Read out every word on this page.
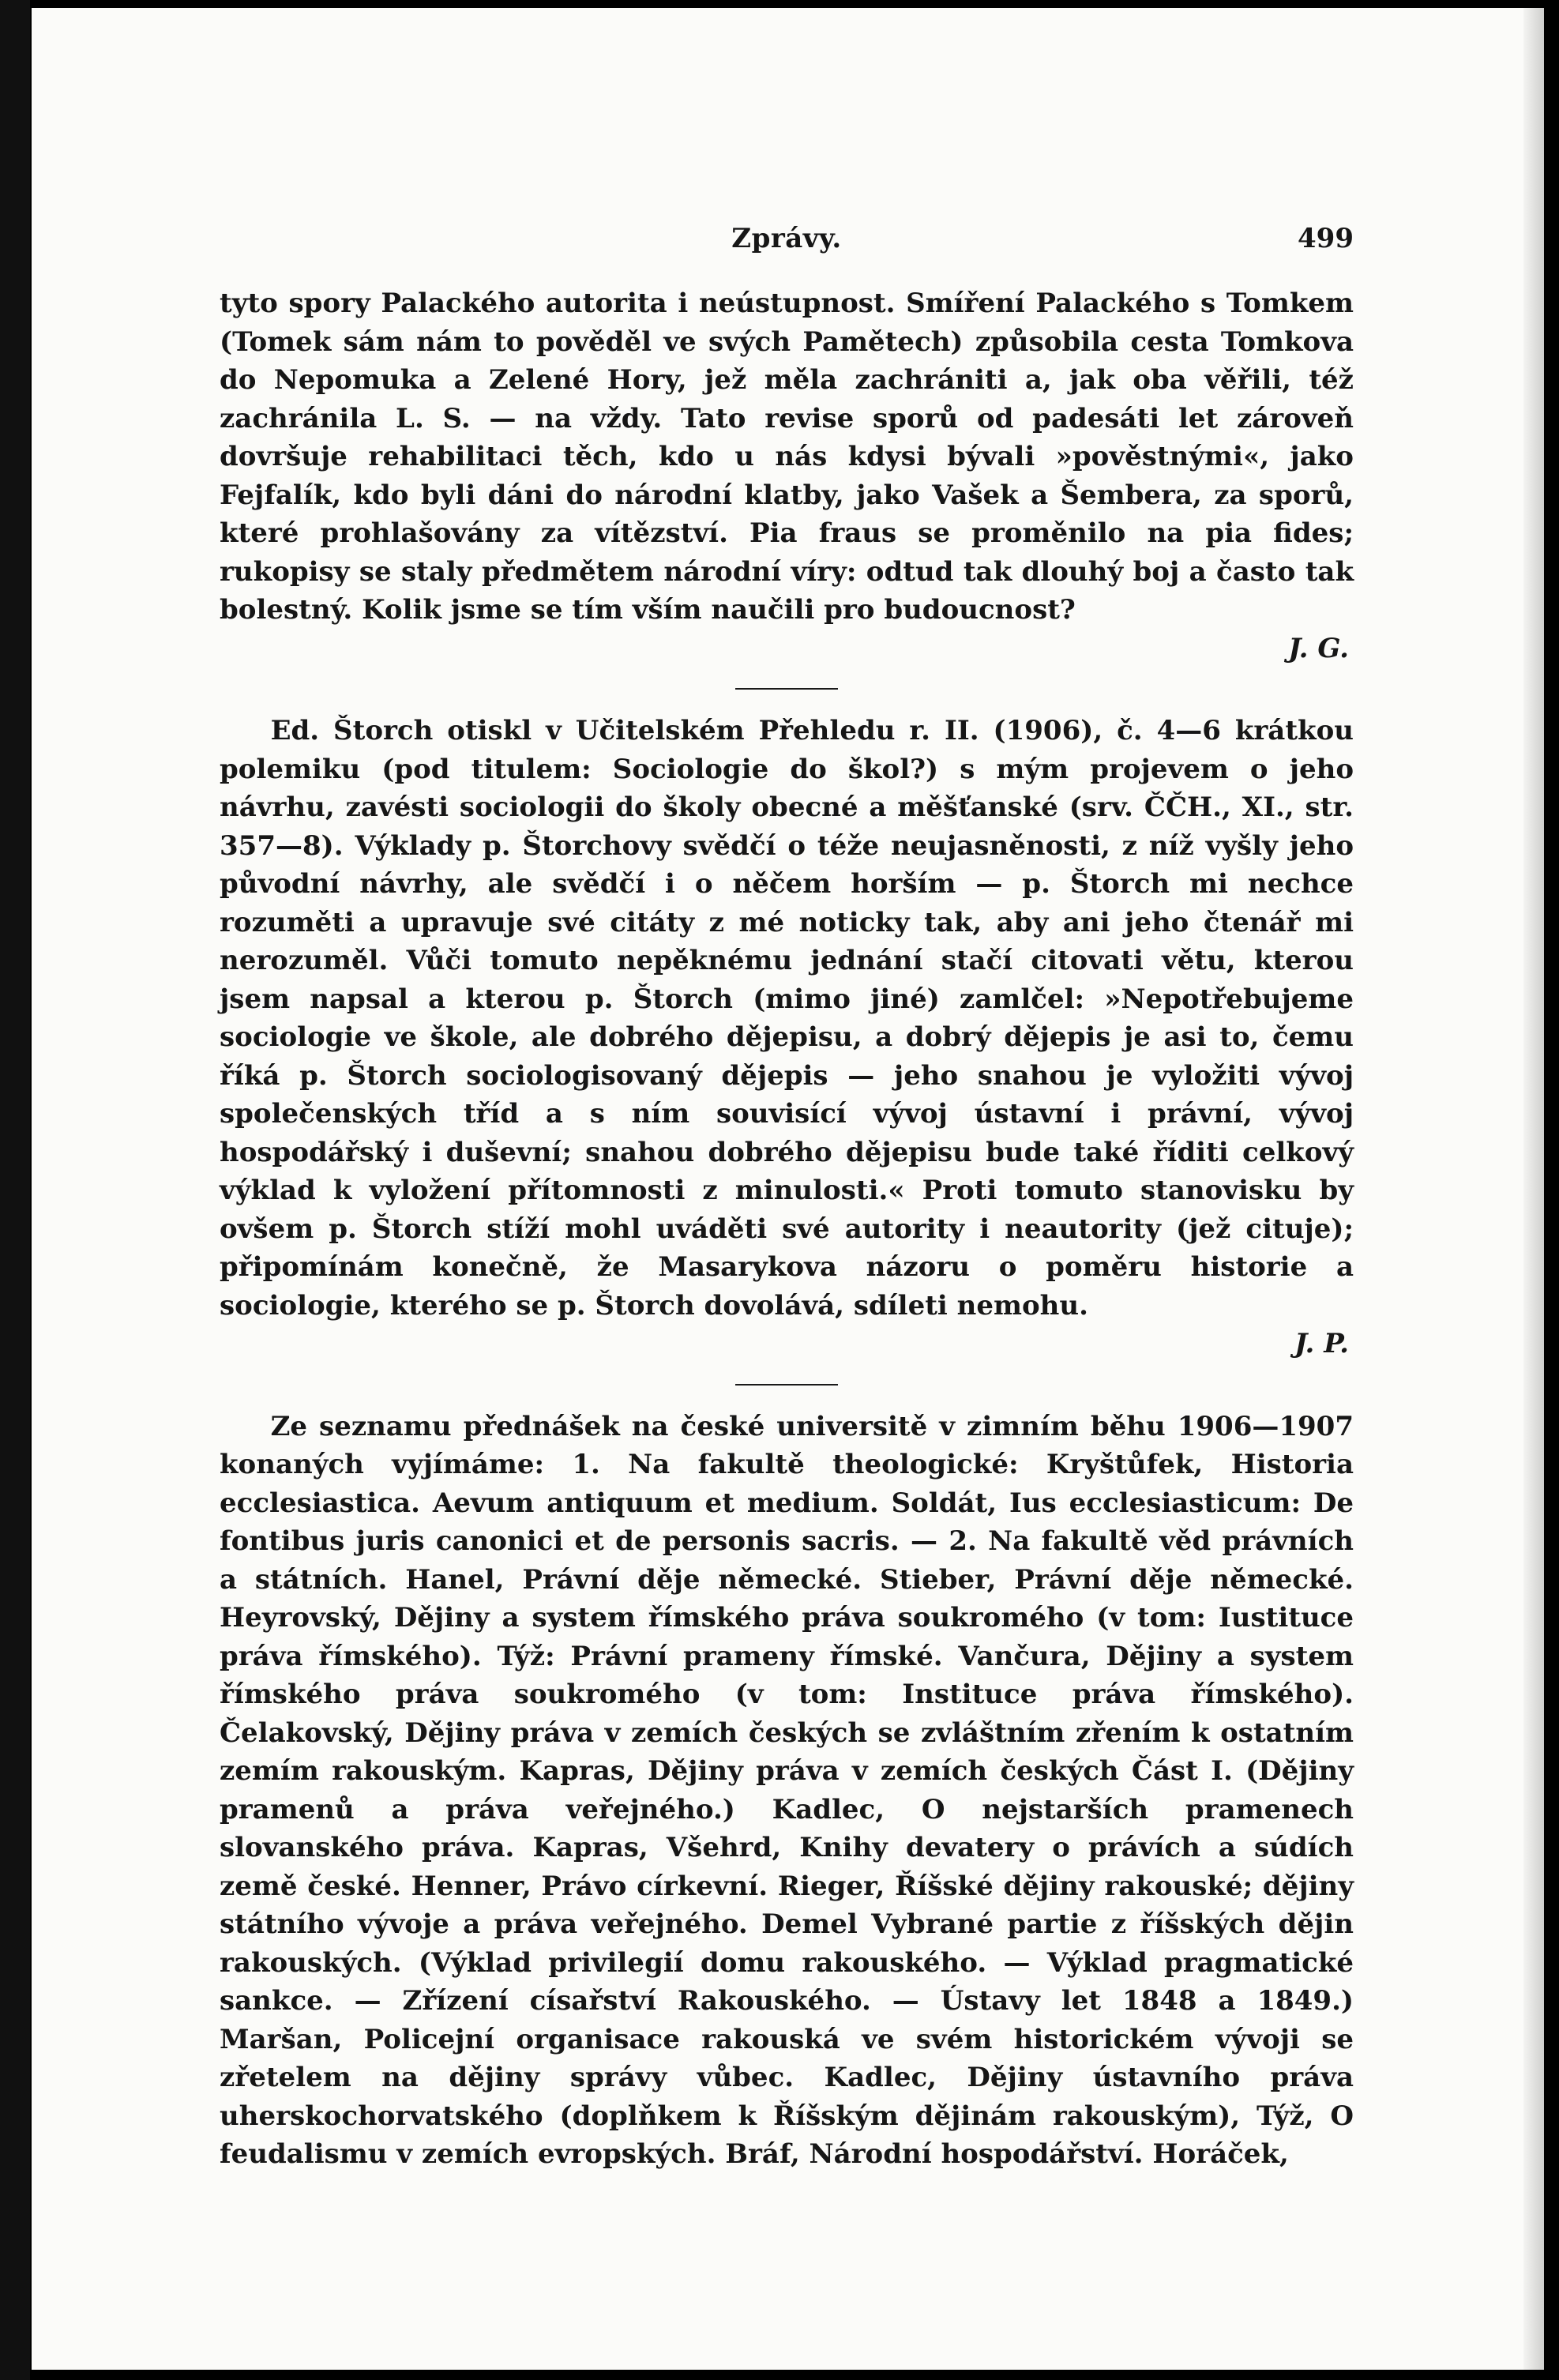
Zprávy.	499

tyto spory Palackého autorita i neústupnost. Smíření Palackého s Tomkem (Tomek sám nám to pověděl ve svých Pamětech) způsobila cesta Tomkova do Nepomuka a Zelené Hory, jež měla zachrániti a, jak oba věřili, též zachránila L. S. — na vždy. Tato revise sporů od padesáti let zároveň dovršuje rehabilitaci těch, kdo u nás kdysi bývali »pověstnými«, jako Fejfalík, kdo byli dáni do národní klatby, jako Vašek a Šembera, za sporů, které prohlašovány za vítězství. Pia fraus se proměnilo na pia fides; rukopisy se staly předmětem národní víry: odtud tak dlouhý boj a často tak bolestný. Kolik jsme se tím vším naučili pro budoucnost?

J. G.

Ed. Štorch otiskl v Učitelském Přehledu r. II. (1906), č. 4—6 krátkou polemiku (pod titulem: Sociologie do škol?) s mým projevem o jeho návrhu, zavésti sociologii do školy obecné a měšťanské (srv. ČČH., XI., str. 357—8). Výklady p. Štorchovy svědčí o téže neujasněnosti, z níž vyšly jeho původní návrhy, ale svědčí i o něčem horším — p. Štorch mi nechce rozuměti a upravuje své citáty z mé noticky tak, aby ani jeho čtenář mi nerozuměl. Vůči tomuto nepěknému jednání stačí citovati větu, kterou jsem napsal a kterou p. Štorch (mimo jiné) zamlčel: »Nepotřebujeme sociologie ve škole, ale dobrého dějepisu, a dobrý dějepis je asi to, čemu říká p. Štorch sociologisovaný dějepis — jeho snahou je vyložiti vývoj společenských tříd a s ním souvisící vývoj ústavní i právní, vývoj hospodářský i duševní; snahou dobrého dějepisu bude také říditi celkový výklad k vyložení přítomnosti z minulosti.« Proti tomuto stanovisku by ovšem p. Štorch stíží mohl uváděti své autority i neautority (jež cituje); připomínám konečně, že Masarykova názoru o poměru historie a sociologie, kterého se p. Štorch dovolává, sdíleti nemohu.

J. P.

Ze seznamu přednášek na české universitě v zimním běhu 1906—1907 konaných vyjímáme: 1. Na fakultě theologické: Kryštůfek, Historia ecclesiastica. Aevum antiquum et medium. Soldát, Ius ecclesiasticum: De fontibus juris canonici et de personis sacris. — 2. Na fakultě věd právních a státních. Hanel, Právní děje německé. Stieber, Právní děje německé. Heyrovský, Dějiny a system římského práva soukromého (v tom: Iustituce práva římského). Týž: Právní prameny římské. Vančura, Dějiny a system římského práva soukromého (v tom: Instituce práva římského). Čelakovský, Dějiny práva v zemích českých se zvláštním zřením k ostatním zemím rakouským. Kapras, Dějiny práva v zemích českých Část I. (Dějiny pramenů a práva veřejného.) Kadlec, O nejstarších pramenech slovanského práva. Kapras, Všehrd, Knihy devatery o právích a súdích země české. Henner, Právo církevní. Rieger, Říšské dějiny rakouské; dějiny státního vývoje a práva veřejného. Demel Vybrané partie z říšských dějin rakouských. (Výklad privilegií domu rakouského. — Výklad pragmatické sankce. — Zřízení císařství Rakouského. — Ústavy let 1848 a 1849.) Maršan, Policejní organisace rakouská ve svém historickém vývoji se zřetelem na dějiny správy vůbec. Kadlec, Dějiny ústavního práva uherskochorvatského (doplňkem k Říšským dějinám rakouským), Týž, O feudalismu v zemích evropských. Bráf, Národní hospodářství. Horáček,
